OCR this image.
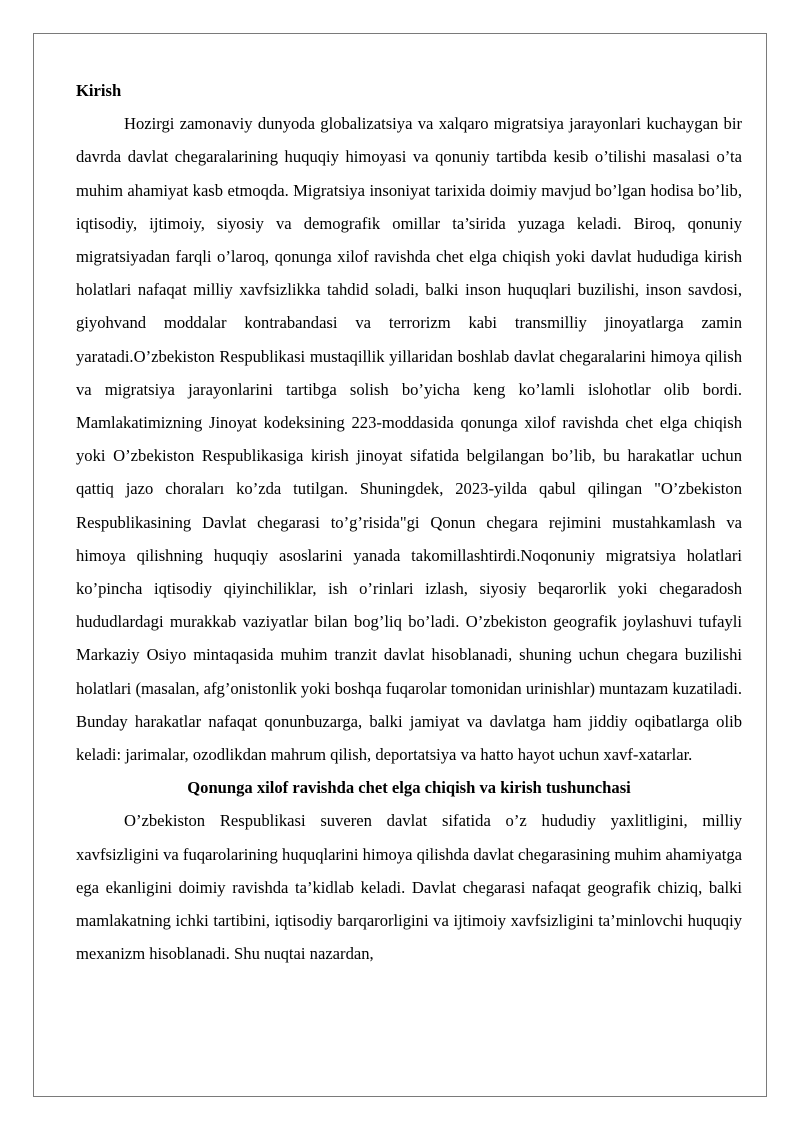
Kirish

Hozirgi zamonaviy dunyoda globalizatsiya va xalqaro migratsiya jarayonlari kuchaygan bir davrda davlat chegaralarining huquqiy himoyasi va qonuniy tartibda kesib o’tilishi masalasi o’ta muhim ahamiyat kasb etmoqda. Migratsiya insoniyat tarixida doimiy mavjud bo’lgan hodisa bo’lib, iqtisodiy, ijtimoiy, siyosiy va demografik omillar ta’sirida yuzaga keladi. Biroq, qonuniy migratsiyadan farqli o’laroq, qonunga xilof ravishda chet elga chiqish yoki davlat hududiga kirish holatlari nafaqat milliy xavfsizlikka tahdid soladi, balki inson huquqlari buzilishi, inson savdosi, giyohvand moddalar kontrabandasi va terrorizm kabi transmilliy jinoyatlarga zamin yaratadi.O’zbekiston Respublikasi mustaqillik yillaridan boshlab davlat chegaralarini himoya qilish va migratsiya jarayonlarini tartibga solish bo’yicha keng ko’lamli islohotlar olib bordi. Mamlakatimizning Jinoyat kodeksining 223-moddasida qonunga xilof ravishda chet elga chiqish yoki O’zbekiston Respublikasiga kirish jinoyat sifatida belgilangan bo’lib, bu harakatlar uchun qattiq jazo choraları ko’zda tutilgan. Shuningdek, 2023-yilda qabul qilingan "O’zbekiston Respublikasining Davlat chegarasi to’g’risida"gi Qonun chegara rejimini mustahkamlash va himoya qilishning huquqiy asoslarini yanada takomillashtirdi.Noqonuniy migratsiya holatlari ko’pincha iqtisodiy qiyinchiliklar, ish o’rinlari izlash, siyosiy beqarorlik yoki chegaradosh hududlardagi murakkab vaziyatlar bilan bog’liq bo’ladi. O’zbekiston geografik joylashuvi tufayli Markaziy Osiyo mintaqasida muhim tranzit davlat hisoblanadi, shuning uchun chegara buzilishi holatlari (masalan, afg’onistonlik yoki boshqa fuqarolar tomonidan urinishlar) muntazam kuzatiladi. Bunday harakatlar nafaqat qonunbuzarga, balki jamiyat va davlatga ham jiddiy oqibatlarga olib keladi: jarimalar, ozodlikdan mahrum qilish, deportatsiya va hatto hayot uchun xavf-xatarlar.

Qonunga xilof ravishda chet elga chiqish va kirish tushunchasi

O’zbekiston Respublikasi suveren davlat sifatida o’z hududiy yaxlitligini, milliy xavfsizligini va fuqarolarining huquqlarini himoya qilishda davlat chegarasining muhim ahamiyatga ega ekanligini doimiy ravishda ta’kidlab keladi. Davlat chegarasi nafaqat geografik chiziq, balki mamlakatning ichki tartibini, iqtisodiy barqarorligini va ijtimoiy xavfsizligini ta’minlovchi huquqiy mexanizm hisoblanadi. Shu nuqtai nazardan,
